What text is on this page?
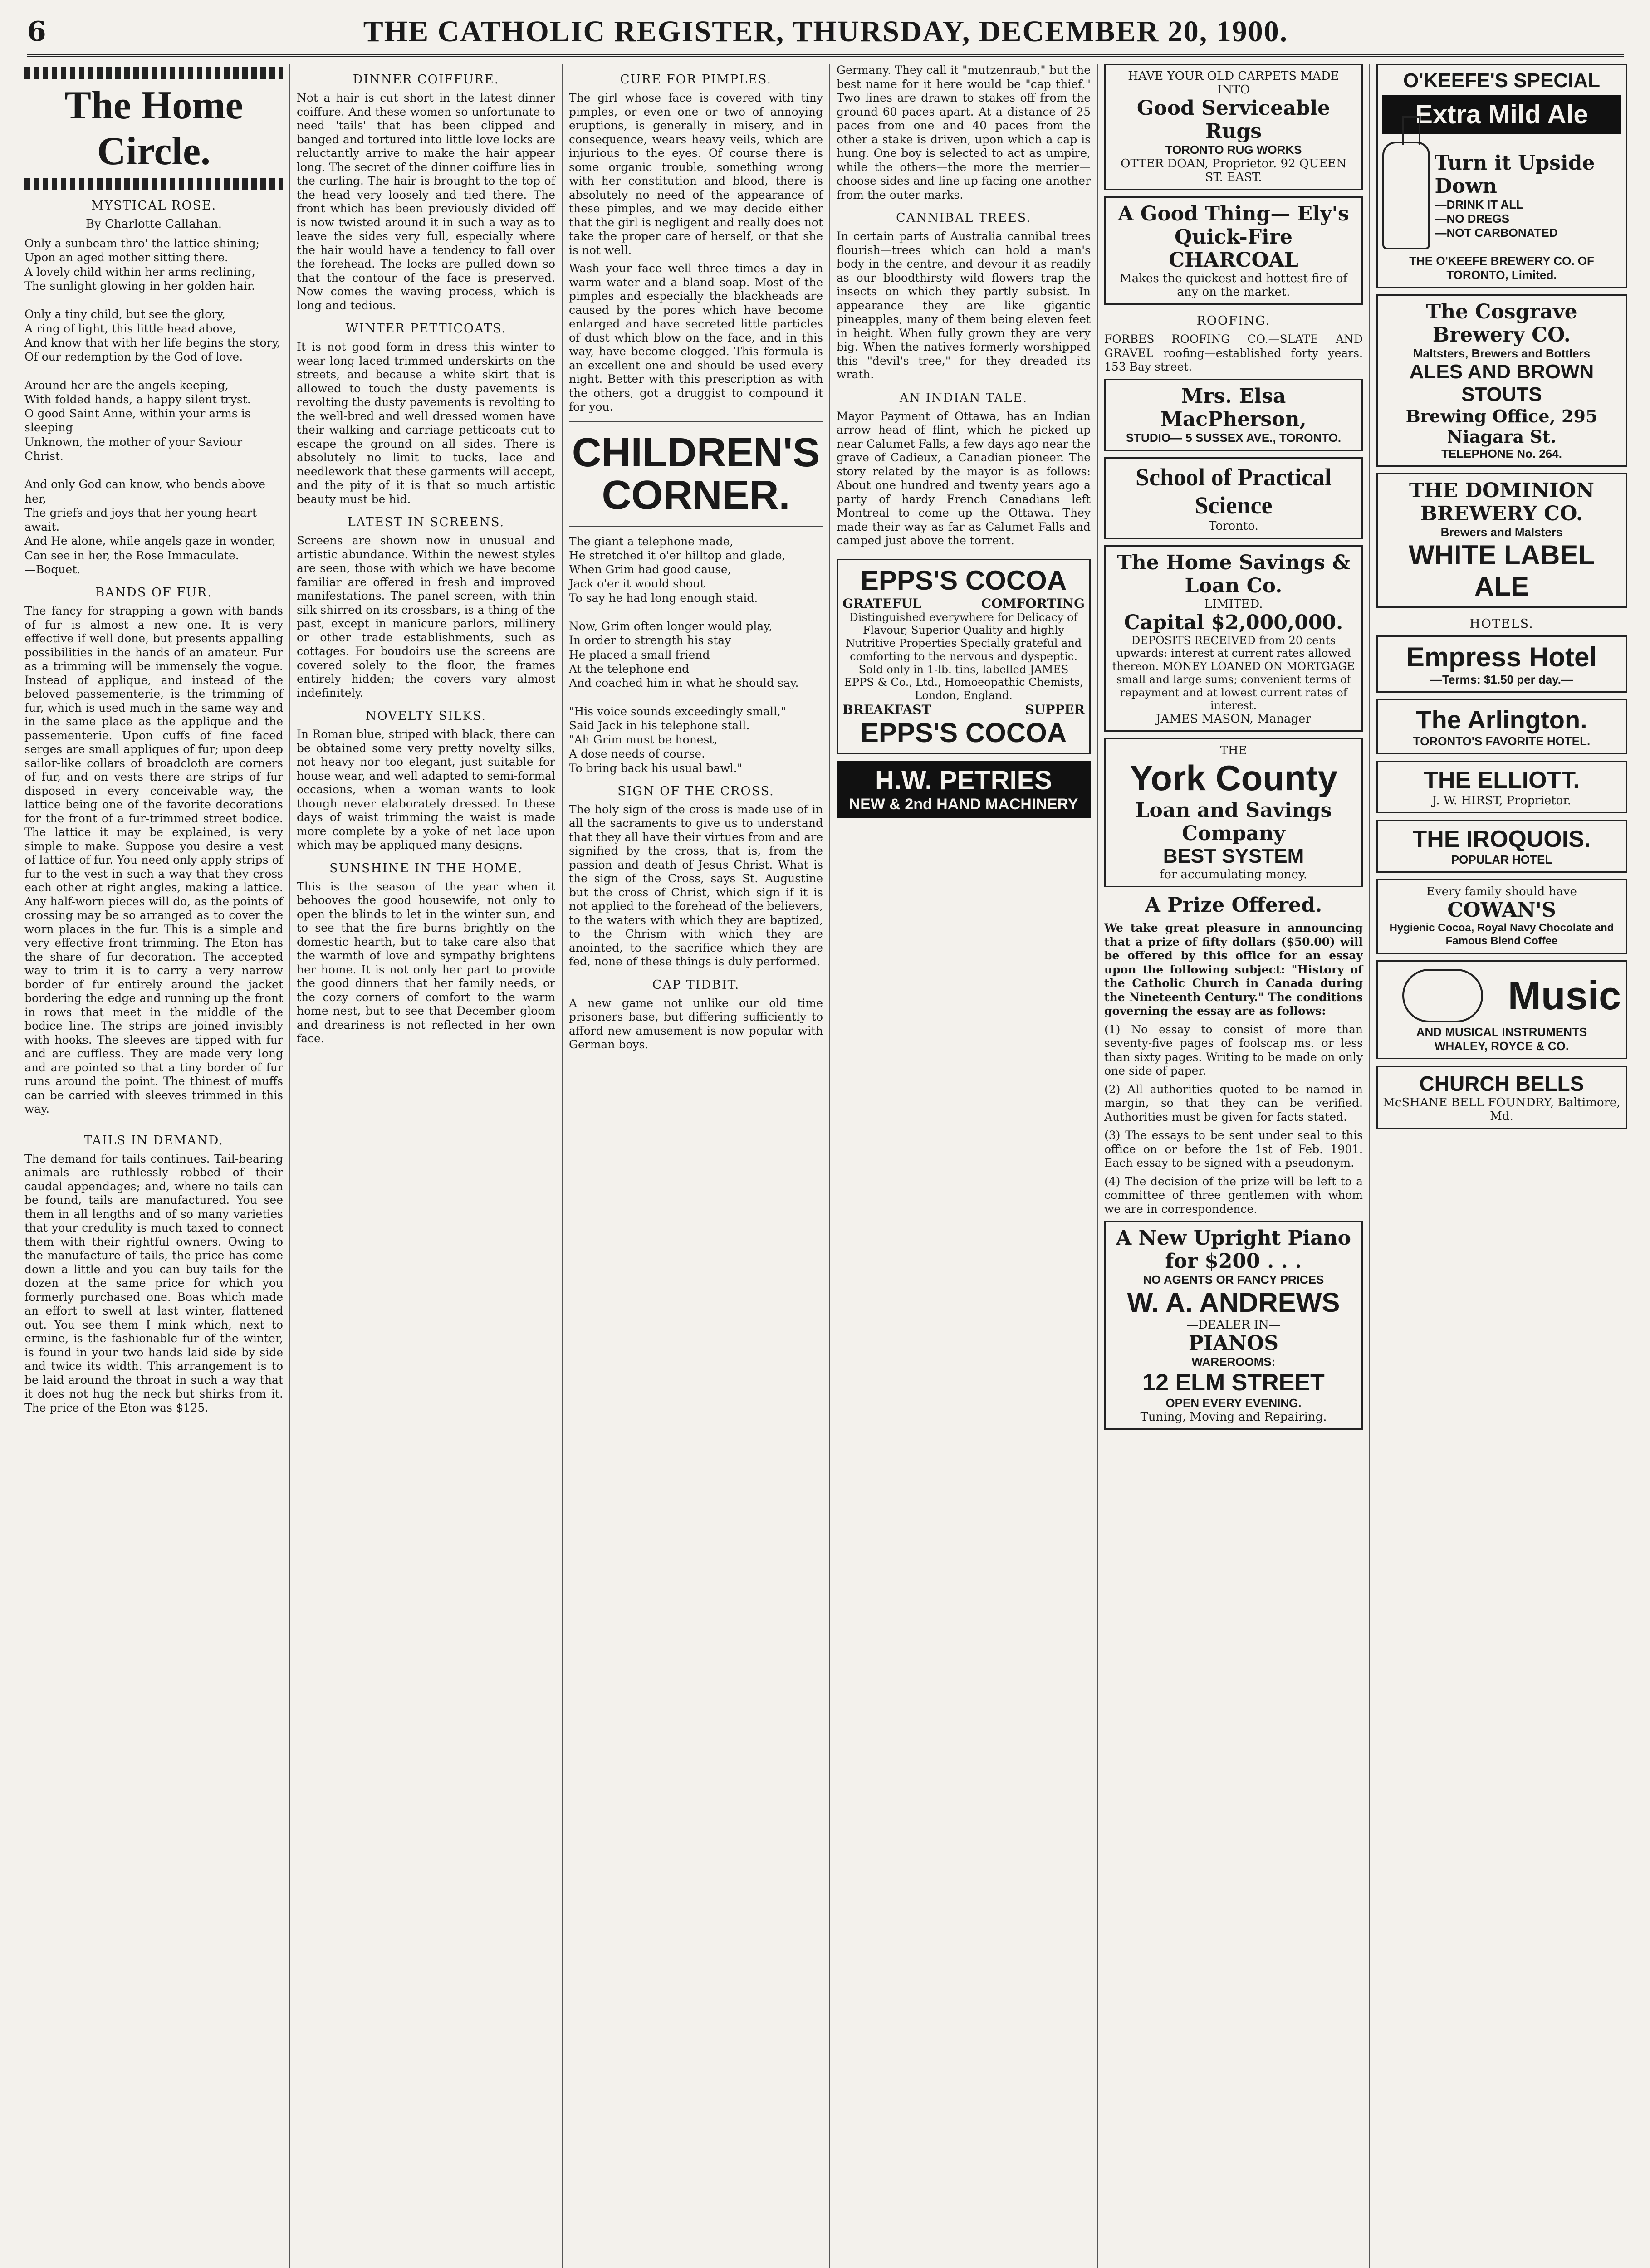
6	THE CATHOLIC REGISTER, THURSDAY, DECEMBER 20, 1900.
The Home Circle.
MYSTICAL ROSE.
By Charlotte Callahan.
Only a sunbeam thro' the lattice shining;
Upon an aged mother sitting there.
A lovely child within her arms reclining,
The sunlight glowing in her golden hair.

Only a tiny child, but see the glory,
A ring of light, this little head above,
And know that with her life begins the story,
Of our redemption by the God of love.

Around her are the angels keeping,
With folded hands, a happy silent tryst.
O good Saint Anne, within your arms is sleeping
Unknown, the mother of your Saviour Christ.

And only God can know, who bends above her,
The griefs and joys that her young heart await.
And He alone, while angels gaze in wonder,
Can see in her, the Rose Immaculate.
—Boquet.
BANDS OF FUR.

The fancy for strapping a gown with bands of fur is almost a new one. It is very effective if well done, but presents appalling possibilities in the hands of an amateur. Fur as a trimming will be immensely the vogue. Instead of applique, and instead of the beloved passementerie, is the trimming of fur, which is used much in the same way and in the same place as the applique and the passementerie. Upon cuffs of fine faced serges are small appliques of fur; upon deep sailor-like collars of broadcloth are corners of fur, and on vests there are strips of fur disposed in every conceivable way, the lattice being one of the favorite decorations for the front of a fur-trimmed street bodice. The lattice it may be explained, is very simple to make. Suppose you desire a vest of lattice of fur. You need only apply strips of fur to the vest in such a way that they cross each other at right angles, making a lattice. Any half-worn pieces will do, as the points of crossing may be so arranged as to cover the worn places in the fur. This is a simple and very effective front trimming. The Eton has the share of fur decoration. The accepted way to trim it is to carry a very narrow border of fur entirely around the jacket bordering the edge and running up the front in rows that meet in the middle of the bodice line. The strips are joined invisibly with hooks. The sleeves are tipped with fur and are cuffless. They are made very long and are pointed so that a tiny border of fur runs around the point. The thinest of muffs can be carried with sleeves trimmed in this way.

TAILS IN DEMAND.

The demand for tails continues. Tail-bearing animals are ruthlessly robbed of their caudal appendages; and, where no tails can be found, tails are manufactured. You see them in all lengths and of so many varieties that your credulity is much taxed to connect them with their rightful owners. Owing to the manufacture of tails, the price has come down a little and you can buy tails for the dozen at the same price for which you formerly purchased one. Boas which made an effort to swell at last winter, flattened out. You see them I mink which, next to ermine, is the fashionable fur of the winter, is found in your two hands laid side by side and twice its width. This arrangement is to be laid around the throat in such a way that it does not hug the neck but shirks from it. The price of the Eton was $125.

DINNER COIFFURE.

Not a hair is cut short in the latest dinner coiffure. And these women so unfortunate to need 'tails' that has been clipped and banged and tortured into little love locks are reluctantly arrive to make the hair appear long. The secret of the dinner coiffure lies in the curling. The hair is brought to the top of the head very loosely and tied there. The front which has been previously divided off is now twisted around it in such a way as to leave the sides very full, especially where the hair would have a tendency to fall over the forehead. The locks are pulled down so that the contour of the face is preserved. Now comes the waving process, which is long and tedious.

WINTER PETTICOATS.

It is not good form in dress this winter to wear long laced trimmed underskirts on the streets, and because a white skirt that is allowed to touch the dusty pavements is revolting the dusty pavements is revolting to the well-bred and well dressed women have their walking and carriage petticoats cut to escape the ground on all sides. There is absolutely no limit to tucks, lace and needlework that these garments will accept, and the pity of it is that so much artistic beauty must be hid.

LATEST IN SCREENS.

Screens are shown now in unusual and artistic abundance. Within the newest styles are seen, those with which we have become familiar are offered in fresh and improved manifestations. The panel screen, with thin silk shirred on its crossbars, is a thing of the past, except in manicure parlors, millinery or other trade establishments, such as cottages. For boudoirs use the screens are covered solely to the floor, the frames entirely hidden; the covers vary almost indefinitely.

NOVELTY SILKS.

In Roman blue, striped with black, there can be obtained some very pretty novelty silks, not heavy nor too elegant, just suitable for house wear, and well adapted to semi-formal occasions, when a woman wants to look though never elaborately dressed. In these days of waist trimming the waist is made more complete by a yoke of net lace upon which may be appliqued many designs.

SUNSHINE IN THE HOME.

This is the season of the year when it behooves the good housewife, not only to open the blinds to let in the winter sun, and to see that the fire burns brightly on the domestic hearth, but to take care also that the warmth of love and sympathy brightens her home. It is not only her part to provide the good dinners that her family needs, or the cozy corners of comfort to the warm home nest, but to see that December gloom and dreariness is not reflected in her own face.

CURE FOR PIMPLES.

The girl whose face is covered with tiny pimples, or even one or two of annoying eruptions, is generally in misery, and in consequence, wears heavy veils, which are injurious to the eyes. Of course there is some organic trouble, something wrong with her constitution and blood, there is absolutely no need of the appearance of these pimples, and we may decide either that the girl is negligent and really does not take the proper care of herself, or that she is not well.

Wash your face well three times a day in warm water and a bland soap. Most of the pimples and especially the blackheads are caused by the pores which have become enlarged and have secreted little particles of dust which blow on the face, and in this way, have become clogged. This formula is an excellent one and should be used every night. Better with this prescription as with the others, got a druggist to compound it for you.

CHILDREN'S CORNER.
The giant a telephone made,
He stretched it o'er hilltop and glade,
When Grim had good cause,
Jack o'er it would shout
To say he had long enough staid.

Now, Grim often longer would play,
In order to strength his stay
He placed a small friend
At the telephone end
And coached him in what he should say.

"His voice sounds exceedingly small,"
Said Jack in his telephone stall.
"Ah Grim must be honest,
A dose needs of course.
To bring back his usual bawl."
SIGN OF THE CROSS.

The holy sign of the cross is made use of in all the sacraments to give us to understand that they all have their virtues from and are signified by the cross, that is, from the passion and death of Jesus Christ. What is the sign of the Cross, says St. Augustine but the cross of Christ, which sign if it is not applied to the forehead of the believers, to the waters with which they are baptized, to the Chrism with which they are anointed, to the sacrifice which they are fed, none of these things is duly performed.

CAP TIDBIT.

A new game not unlike our old time prisoners base, but differing sufficiently to afford new amusement is now popular with German boys.

Germany. They call it "mutzenraub," but the best name for it here would be "cap thief." Two lines are drawn to stakes off from the ground 60 paces apart. At a distance of 25 paces from one and 40 paces from the other a stake is driven, upon which a cap is hung. One boy is selected to act as umpire, while the others—the more the merrier—choose sides and line up facing one another from the outer marks.

CANNIBAL TREES.

In certain parts of Australia cannibal trees flourish—trees which can hold a man's body in the centre, and devour it as readily as our bloodthirsty wild flowers trap the insects on which they partly subsist. In appearance they are like gigantic pineapples, many of them being eleven feet in height. When fully grown they are very big. When the natives formerly worshipped this "devil's tree," for they dreaded its wrath.

AN INDIAN TALE.

Mayor Payment of Ottawa, has an Indian arrow head of flint, which he picked up near Calumet Falls, a few days ago near the grave of Cadieux, a Canadian pioneer. The story related by the mayor is as follows: About one hundred and twenty years ago a party of hardy French Canadians left Montreal to come up the Ottawa. They made their way as far as Calumet Falls and camped just above the torrent.

EPPS'S COCOA
GRATEFUL	COMFORTING
Distinguished everywhere for Delicacy of Flavour, Superior Quality and highly Nutritive Properties Specially grateful and comforting to the nervous and dyspeptic. Sold only in 1-lb. tins, labelled JAMES EPPS & Co., Ltd., Homoeopathic Chemists, London, England.
BREAKFAST	SUPPER
EPPS'S COCOA
H.W. PETRIES
NEW & 2nd HAND MACHINERY
HAVE YOUR OLD CARPETS MADE INTO
Good Serviceable Rugs
TORONTO RUG WORKS
OTTER DOAN, Proprietor. 92 QUEEN ST. EAST.
A Good Thing— Ely's Quick-Fire CHARCOAL
Makes the quickest and hottest fire of any on the market.
ROOFING.

FORBES ROOFING CO.—SLATE AND GRAVEL roofing—established forty years. 153 Bay street.

Mrs. Elsa MacPherson,
STUDIO— 5 SUSSEX AVE., TORONTO.
School of Practical Science
Toronto.
The Home Savings & Loan Co.
LIMITED.
Capital $2,000,000.
DEPOSITS RECEIVED from 20 cents upwards: interest at current rates allowed thereon. MONEY LOANED ON MORTGAGE small and large sums; convenient terms of repayment and at lowest current rates of interest.
JAMES MASON, Manager
THE
York County
Loan and Savings Company
BEST SYSTEM
for accumulating money.
A Prize Offered.

We take great pleasure in announcing that a prize of fifty dollars ($50.00) will be offered by this office for an essay upon the following subject: "History of the Catholic Church in Canada during the Nineteenth Century." The conditions governing the essay are as follows:

(1) No essay to consist of more than seventy-five pages of foolscap ms. or less than sixty pages. Writing to be made on only one side of paper.

(2) All authorities quoted to be named in margin, so that they can be verified. Authorities must be given for facts stated.

(3) The essays to be sent under seal to this office on or before the 1st of Feb. 1901. Each essay to be signed with a pseudonym.

(4) The decision of the prize will be left to a committee of three gentlemen with whom we are in correspondence.

A New Upright Piano for $200 . . .
NO AGENTS OR FANCY PRICES
W. A. ANDREWS
—DEALER IN—
PIANOS
WAREROOMS:
12 ELM STREET
OPEN EVERY EVENING.
Tuning, Moving and Repairing.
O'KEEFE'S SPECIAL
Extra Mild Ale
Turn it Upside Down
—DRINK IT ALL
—NO DREGS
—NOT CARBONATED
THE O'KEEFE BREWERY CO. OF TORONTO, Limited.
The Cosgrave Brewery CO.
Maltsters, Brewers and Bottlers
ALES AND BROWN STOUTS
Brewing Office, 295 Niagara St.
TELEPHONE No. 264.
THE DOMINION BREWERY CO.
Brewers and Malsters
WHITE LABEL ALE
HOTELS.
Empress Hotel
—Terms: $1.50 per day.—
The Arlington.
TORONTO'S FAVORITE HOTEL.
THE ELLIOTT.
J. W. HIRST, Proprietor.
THE IROQUOIS.
POPULAR HOTEL
Every family should have
COWAN'S
Hygienic Cocoa, Royal Navy Chocolate and Famous Blend Coffee
Music
AND MUSICAL INSTRUMENTS
WHALEY, ROYCE & CO.
CHURCH BELLS
McSHANE BELL FOUNDRY, Baltimore, Md.
